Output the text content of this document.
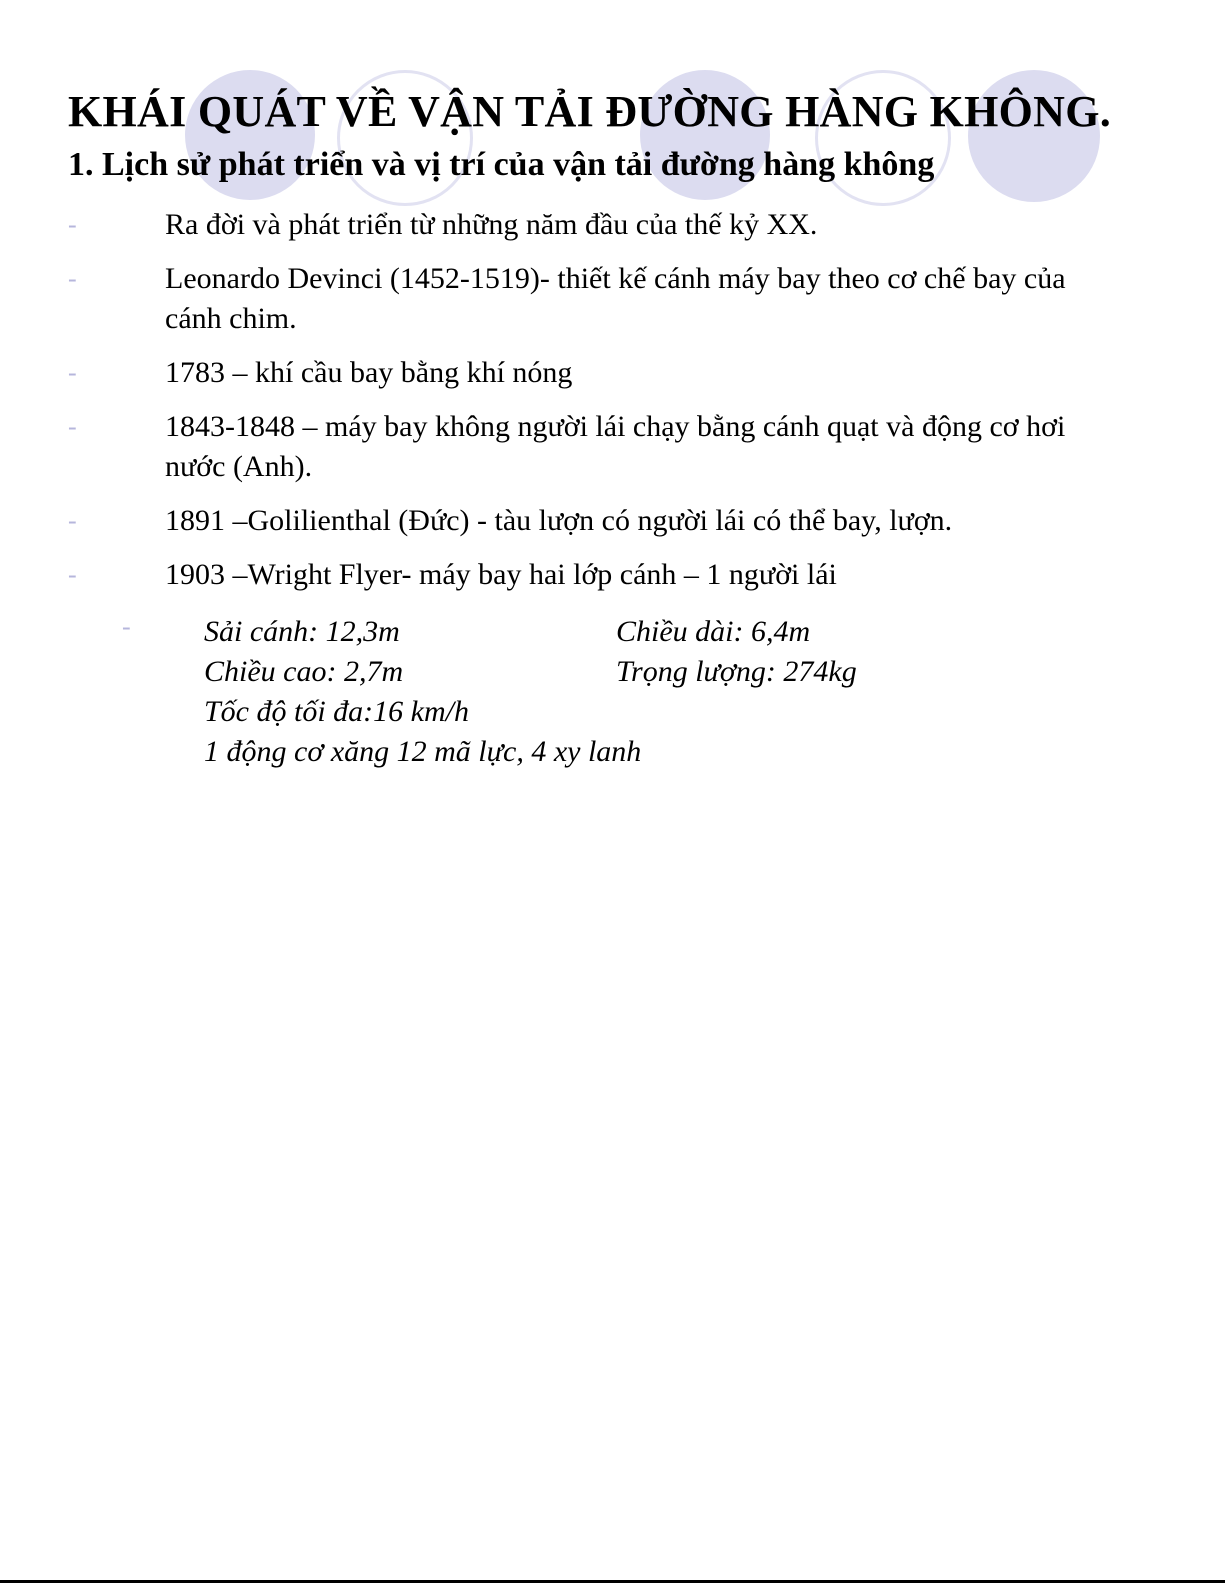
KHÁI QUÁT VỀ VẬN TẢI ĐƯỜNG HÀNG KHÔNG.
1. Lịch sử phát triển và vị trí của vận tải đường hàng không
-	Ra đời và phát triển từ những năm đầu của thế kỷ XX.
-	Leonardo Devinci (1452-1519)- thiết kế cánh máy bay theo cơ chế bay của cánh chim.
-	1783 – khí cầu bay bằng khí nóng
-	1843-1848 – máy bay không người lái chạy bằng cánh quạt và động cơ hơi nước (Anh).
-	1891 –Golilienthal (Đức) - tàu lượn có người lái có thể bay, lượn.
-	1903 –Wright Flyer- máy bay hai lớp cánh – 1 người lái
- Sải cánh: 12,3m	Chiều dài: 6,4m
Chiều cao: 2,7m	Trọng lượng: 274kg
Tốc độ tối đa:16 km/h
1 động cơ xăng 12 mã lực, 4 xy lanh
